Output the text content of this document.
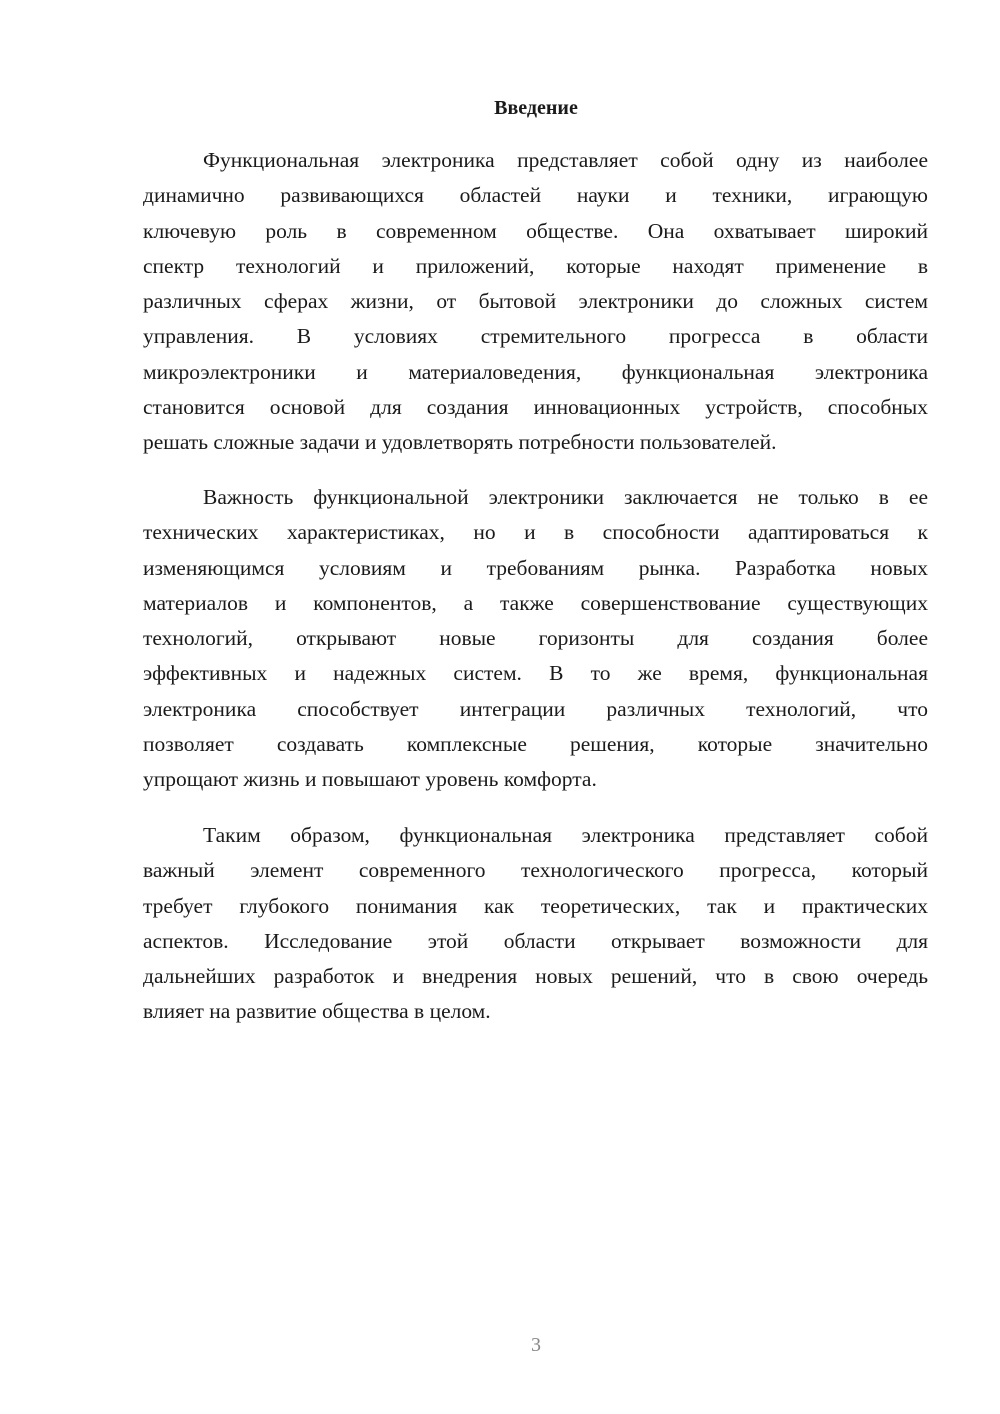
Введение
Функциональная электроника представляет собой одну из наиболее
динамично развивающихся областей науки и техники, играющую
ключевую роль в современном обществе. Она охватывает широкий
спектр технологий и приложений, которые находят применение в
различных сферах жизни, от бытовой электроники до сложных систем
управления. В условиях стремительного прогресса в области
микроэлектроники и материаловедения, функциональная электроника
становится основой для создания инновационных устройств, способных
решать сложные задачи и удовлетворять потребности пользователей.
Важность функциональной электроники заключается не только в ее
технических характеристиках, но и в способности адаптироваться к
изменяющимся условиям и требованиям рынка. Разработка новых
материалов и компонентов, а также совершенствование существующих
технологий, открывают новые горизонты для создания более
эффективных и надежных систем. В то же время, функциональная
электроника способствует интеграции различных технологий, что
позволяет создавать комплексные решения, которые значительно
упрощают жизнь и повышают уровень комфорта.
Таким образом, функциональная электроника представляет собой
важный элемент современного технологического прогресса, который
требует глубокого понимания как теоретических, так и практических
аспектов. Исследование этой области открывает возможности для
дальнейших разработок и внедрения новых решений, что в свою очередь
влияет на развитие общества в целом.
3
